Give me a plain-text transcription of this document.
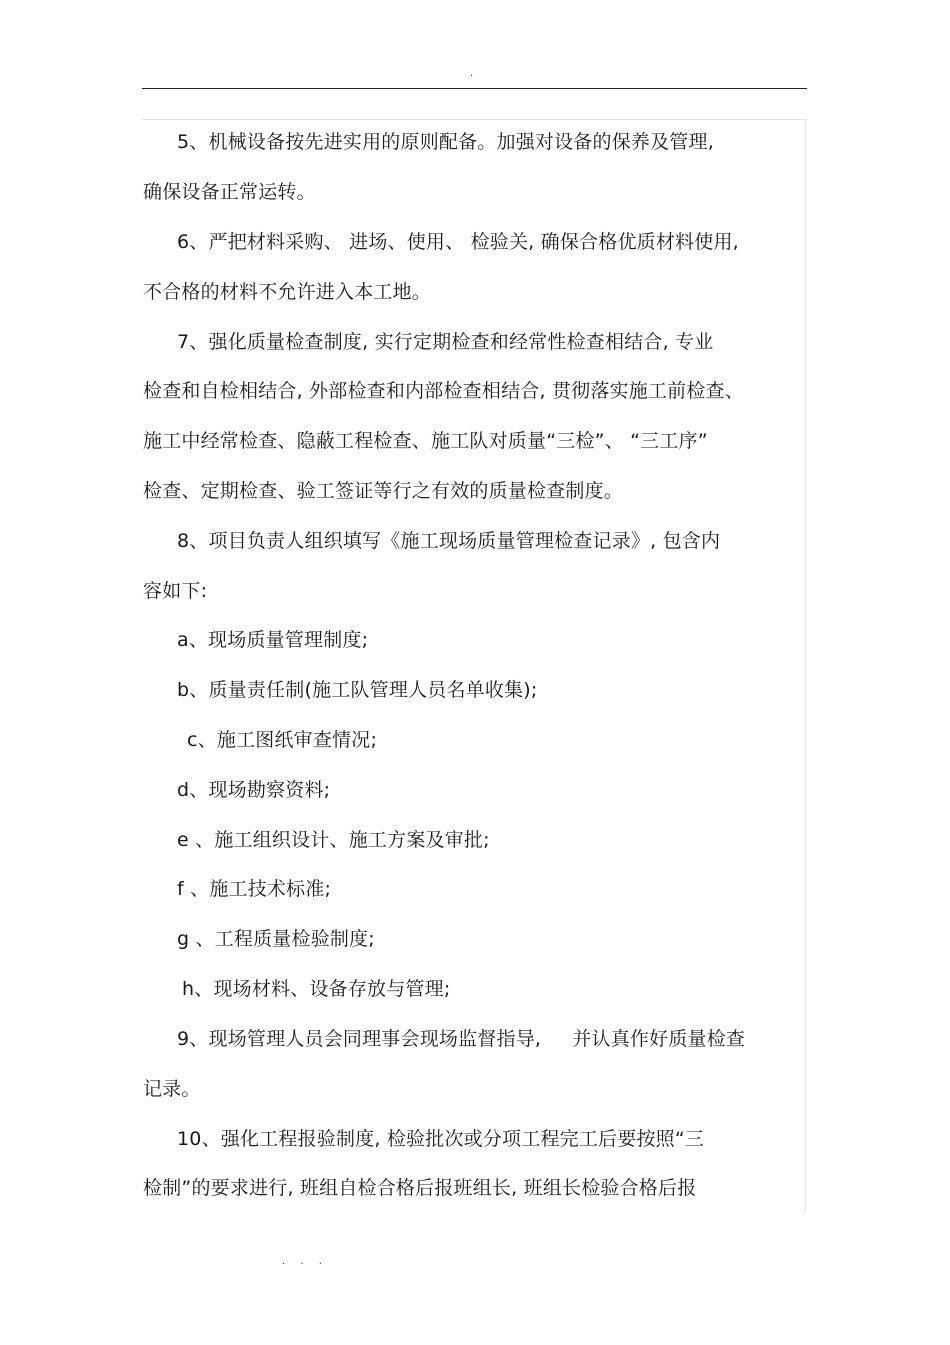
·
5、机械设备按先进实用的原则配备。加强对设备的保养及管理,
确保设备正常运转。
6、严把材料采购、 进场、使用、 检验关, 确保合格优质材料使用,
不合格的材料不允许进入本工地。
7、强化质量检查制度, 实行定期检查和经常性检查相结合, 专业
检查和自检相结合, 外部检查和内部检查相结合, 贯彻落实施工前检查、
施工中经常检查、隐蔽工程检查、施工队对质量“三检”、 “三工序”
检查、定期检查、验工签证等行之有效的质量检查制度。
8、项目负责人组织填写《施工现场质量管理检查记录》, 包含内
容如下:
a、现场质量管理制度;
b、质量责任制(施工队管理人员名单收集);
c、施工图纸审查情况;
d、现场勘察资料;
e 、施工组织设计、施工方案及审批;
f 、施工技术标准;
g 、工程质量检验制度;
h、现场材料、设备存放与管理;
9、现场管理人员会同理事会现场监督指导,     并认真作好质量检查
记录。
10、强化工程报验制度, 检验批次或分项工程完工后要按照“三
检制”的要求进行, 班组自检合格后报班组长, 班组长检验合格后报
. . .
